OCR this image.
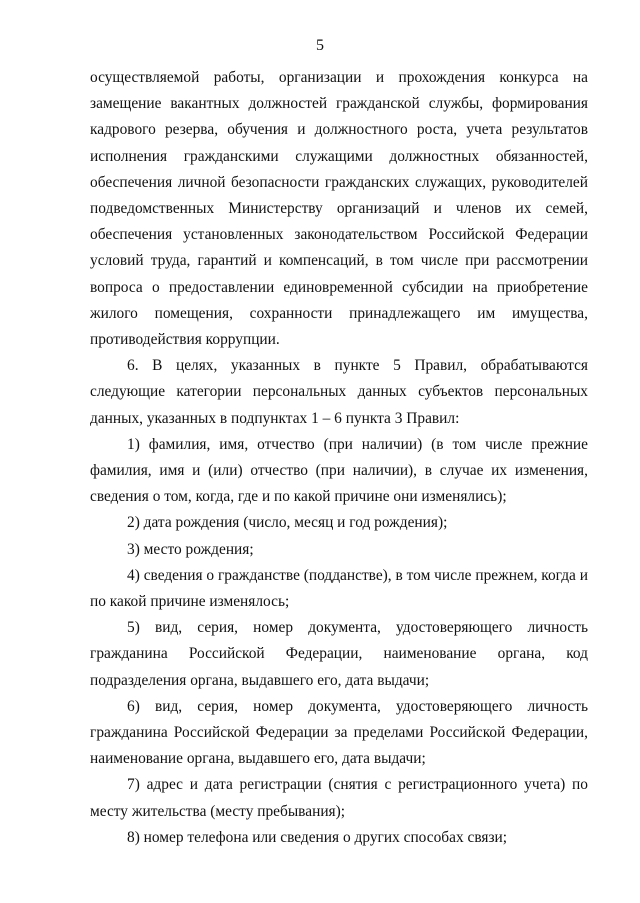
5

осуществляемой работы, организации и прохождения конкурса на замещение вакантных должностей гражданской службы, формирования кадрового резерва, обучения и должностного роста, учета результатов исполнения гражданскими служащими должностных обязанностей, обеспечения личной безопасности гражданских служащих, руководителей подведомственных Министерству организаций и членов их семей, обеспечения установленных законодательством Российской Федерации условий труда, гарантий и компенсаций, в том числе при рассмотрении вопроса о предоставлении единовременной субсидии на приобретение жилого помещения, сохранности принадлежащего им имущества, противодействия коррупции.

6. В целях, указанных в пункте 5 Правил, обрабатываются следующие категории персональных данных субъектов персональных данных, указанных в подпунктах 1 – 6 пункта 3 Правил:

1) фамилия, имя, отчество (при наличии) (в том числе прежние фамилия, имя и (или) отчество (при наличии), в случае их изменения, сведения о том, когда, где и по какой причине они изменялись);

2) дата рождения (число, месяц и год рождения);

3) место рождения;

4) сведения о гражданстве (подданстве), в том числе прежнем, когда и по какой причине изменялось;

5) вид, серия, номер документа, удостоверяющего личность гражданина Российской Федерации, наименование органа, код подразделения органа, выдавшего его, дата выдачи;

6) вид, серия, номер документа, удостоверяющего личность гражданина Российской Федерации за пределами Российской Федерации, наименование органа, выдавшего его, дата выдачи;

7) адрес и дата регистрации (снятия с регистрационного учета) по месту жительства (месту пребывания);

8) номер телефона или сведения о других способах связи;
